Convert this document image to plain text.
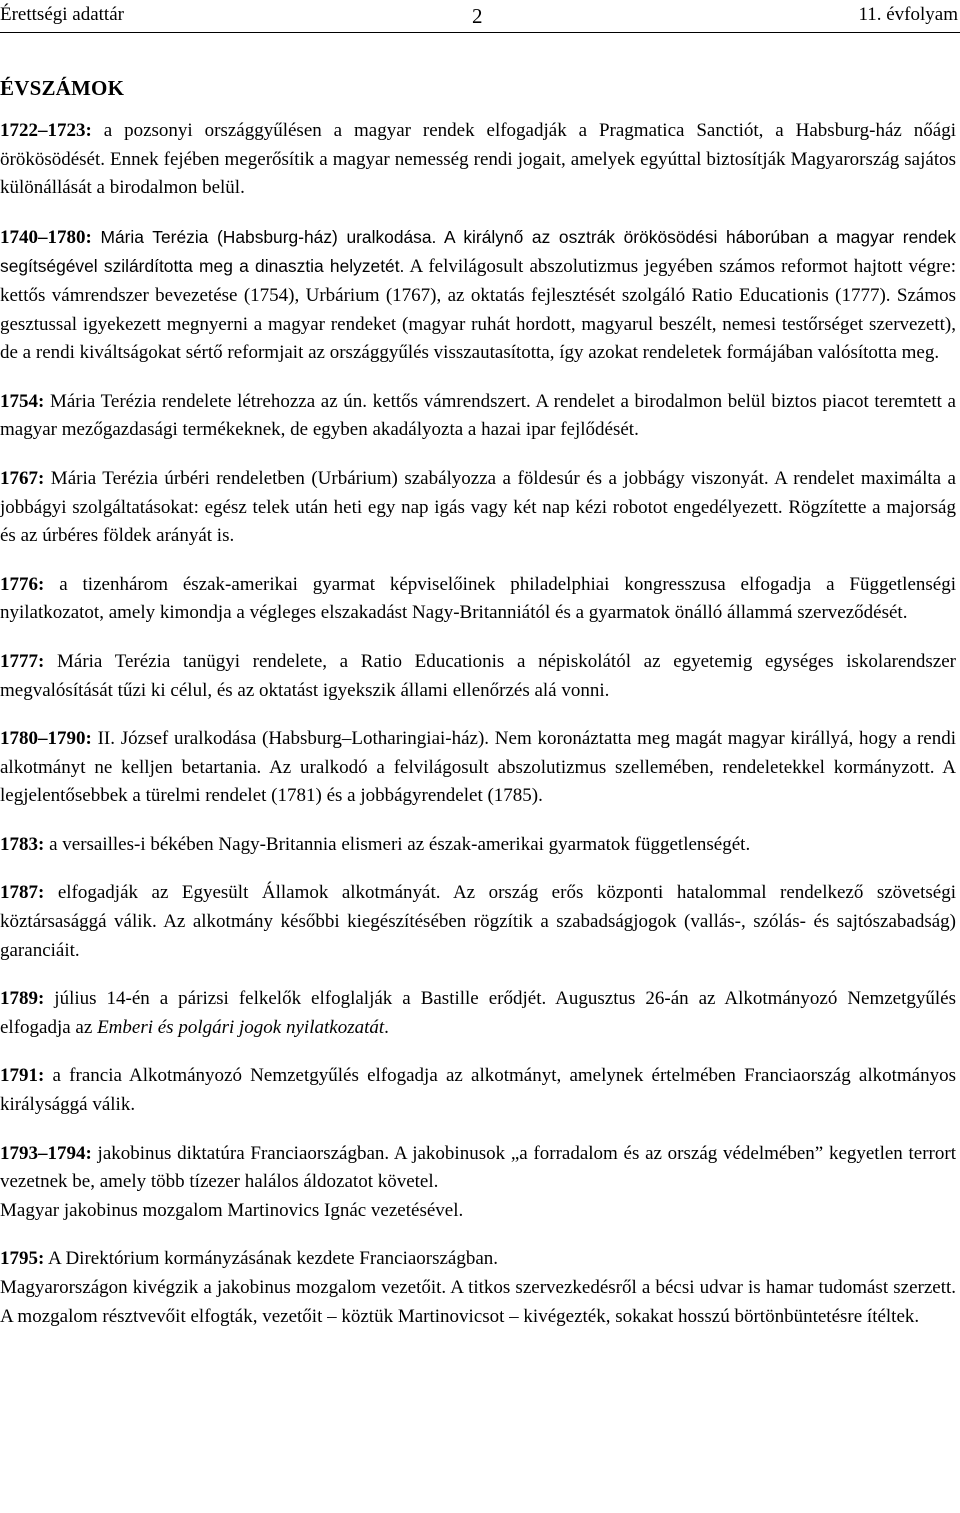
Érettségi adattár	2	11. évfolyam
ÉVSZÁMOK

1722–1723: a pozsonyi országgyűlésen a magyar rendek elfogadják a Pragmatica Sanctiót, a Habsburg-ház nőági örökösödését. Ennek fejében megerősítik a magyar nemesség rendi jogait, amelyek egyúttal biztosítják Magyarország sajátos különállását a birodalmon belül.

1740–1780: Mária Terézia (Habsburg-ház) uralkodása. A királynő az osztrák örökösödési háborúban a magyar rendek segítségével szilárdította meg a dinasztia helyzetét. A felvilágosult abszolutizmus jegyében számos reformot hajtott végre: kettős vámrendszer bevezetése (1754), Urbárium (1767), az oktatás fejlesztését szolgáló Ratio Educationis (1777). Számos gesztussal igyekezett megnyerni a magyar rendeket (magyar ruhát hordott, magyarul beszélt, nemesi testőrséget szervezett), de a rendi kiváltságokat sértő reformjait az országgyűlés visszautasította, így azokat rendeletek formájában valósította meg.

1754: Mária Terézia rendelete létrehozza az ún. kettős vámrendszert. A rendelet a birodalmon belül biztos piacot teremtett a magyar mezőgazdasági termékeknek, de egyben akadályozta a hazai ipar fejlődését.

1767: Mária Terézia úrbéri rendeletben (Urbárium) szabályozza a földesúr és a jobbágy viszonyát. A rendelet maximálta a jobbágyi szolgáltatásokat: egész telek után heti egy nap igás vagy két nap kézi robotot engedélyezett. Rögzítette a majorság és az úrbéres földek arányát is.

1776: a tizenhárom észak-amerikai gyarmat képviselőinek philadelphiai kongresszusa elfogadja a Függetlenségi nyilatkozatot, amely kimondja a végleges elszakadást Nagy-Britanniától és a gyarmatok önálló állammá szerveződését.

1777: Mária Terézia tanügyi rendelete, a Ratio Educationis a népiskolától az egyetemig egységes iskolarendszer megvalósítását tűzi ki célul, és az oktatást igyekszik állami ellenőrzés alá vonni.

1780–1790: II. József uralkodása (Habsburg–Lotharingiai-ház). Nem koronáztatta meg magát magyar királlyá, hogy a rendi alkotmányt ne kelljen betartania. Az uralkodó a felvilágosult abszolutizmus szellemében, rendeletekkel kormányzott. A legjelentősebbek a türelmi rendelet (1781) és a jobbágyrendelet (1785).

1783: a versailles-i békében Nagy-Britannia elismeri az észak-amerikai gyarmatok függetlenségét.

1787: elfogadják az Egyesült Államok alkotmányát. Az ország erős központi hatalommal rendelkező szövetségi köztársasággá válik. Az alkotmány későbbi kiegészítésében rögzítik a szabadságjogok (vallás-, szólás- és sajtószabadság) garanciáit.

1789: július 14-én a párizsi felkelők elfoglalják a Bastille erődjét. Augusztus 26-án az Alkotmányozó Nemzetgyűlés elfogadja az Emberi és polgári jogok nyilatkozatát.

1791: a francia Alkotmányozó Nemzetgyűlés elfogadja az alkotmányt, amelynek értelmében Franciaország alkotmányos királysággá válik.

1793–1794: jakobinus diktatúra Franciaországban. A jakobinusok „a forradalom és az ország védelmében” kegyetlen terrort vezetnek be, amely több tízezer halálos áldozatot követel.
Magyar jakobinus mozgalom Martinovics Ignác vezetésével.

1795: A Direktórium kormányzásának kezdete Franciaországban.
Magyarországon kivégzik a jakobinus mozgalom vezetőit. A titkos szervezkedésről a bécsi udvar is hamar tudomást szerzett. A mozgalom résztvevőit elfogták, vezetőit – köztük Martinovicsot – kivégezték, sokakat hosszú börtönbüntetésre ítéltek.
